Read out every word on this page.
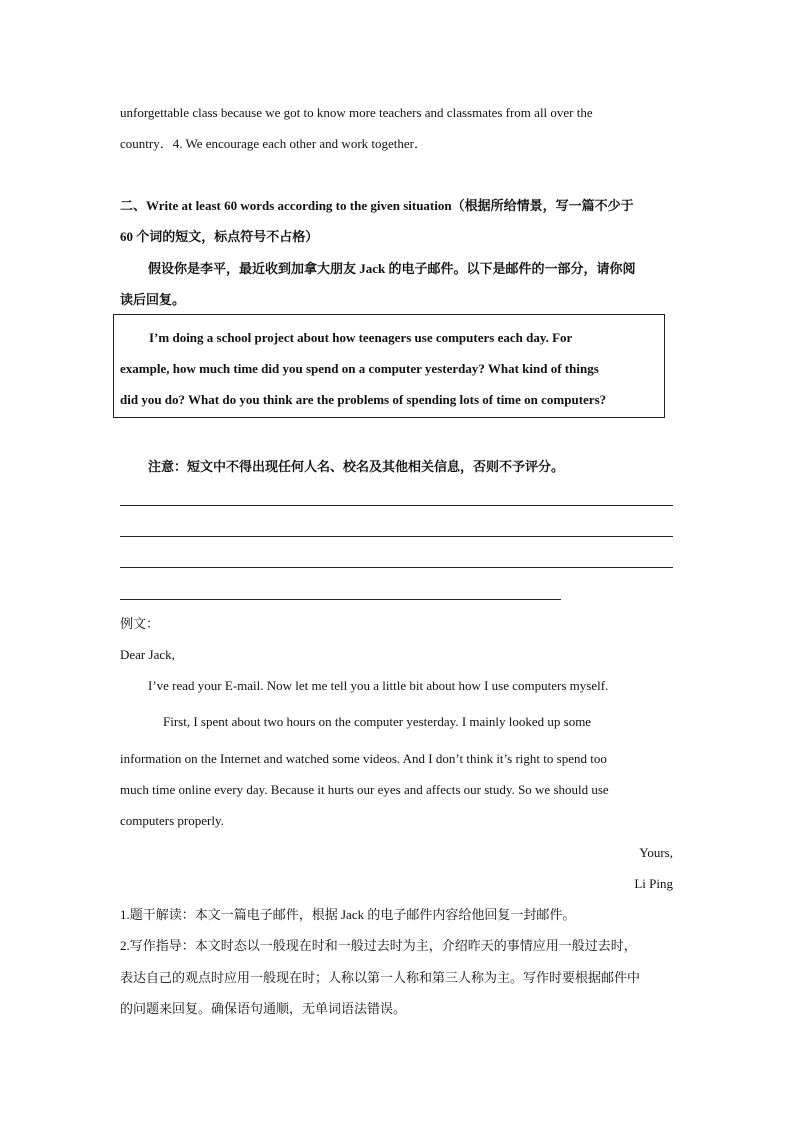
unforgettable class because we got to know more teachers and classmates from all over the
country．4. We encourage each other and work together．
二、Write at least 60 words according to the given situation（根据所给情景，写一篇不少于
60 个词的短文，标点符号不占格）
假设你是李平，最近收到加拿大朋友 Jack 的电子邮件。以下是邮件的一部分，请你阅
读后回复。
I’m doing a school project about how teenagers use computers each day. For
example, how much time did you spend on a computer yesterday? What kind of things
did you do? What do you think are the problems of spending lots of time on computers?
注意：短文中不得出现任何人名、校名及其他相关信息，否则不予评分。
例文：
Dear Jack,
I’ve read your E-mail. Now let me tell you a little bit about how I use computers myself.
First, I spent about two hours on the computer yesterday. I mainly looked up some
information on the Internet and watched some videos. And I don’t think it’s right to spend too
much time online every day. Because it hurts our eyes and affects our study. So we should use
computers properly.
Yours,
Li Ping
1.题干解读：本文一篇电子邮件，根据 Jack 的电子邮件内容给他回复一封邮件。
2.写作指导：本文时态以一般现在时和一般过去时为主，介绍昨天的事情应用一般过去时，
表达自己的观点时应用一般现在时；人称以第一人称和第三人称为主。写作时要根据邮件中
的问题来回复。确保语句通顺，无单词语法错误。
